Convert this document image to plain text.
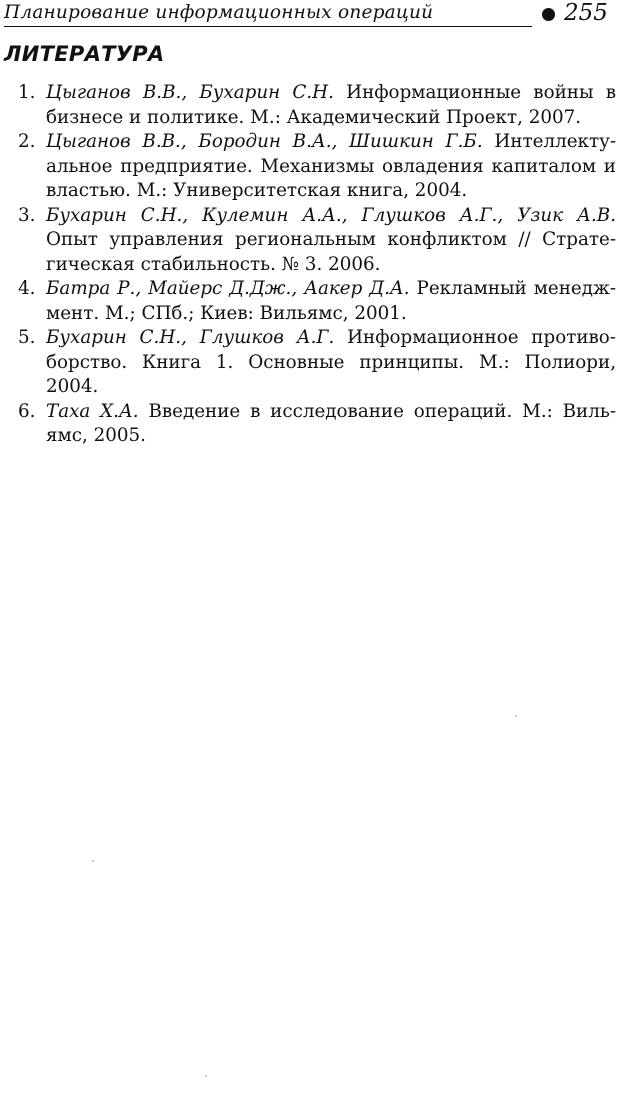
Планирование информационных операций	255
ЛИТЕРАТУРА
1. Цыганов В.В., Бухарин С.Н. Информационные войны в бизнесе и политике. М.: Академический Проект, 2007.
2. Цыганов В.В., Бородин В.А., Шишкин Г.Б. Интеллектуальное предприятие. Механизмы овладения капиталом и властью. М.: Университетская книга, 2004.
3. Бухарин С.Н., Кулемин А.А., Глушков А.Г., Узик А.В. Опыт управления региональным конфликтом // Стратегическая стабильность. № 3. 2006.
4. Батра Р., Майерс Д.Дж., Аакер Д.А. Рекламный менеджмент. М.; СПб.; Киев: Вильямс, 2001.
5. Бухарин С.Н., Глушков А.Г. Информационное противоборство. Книга 1. Основные принципы. М.: Полиори, 2004.
6. Таха Х.А. Введение в исследование операций. М.: Вильямс, 2005.
